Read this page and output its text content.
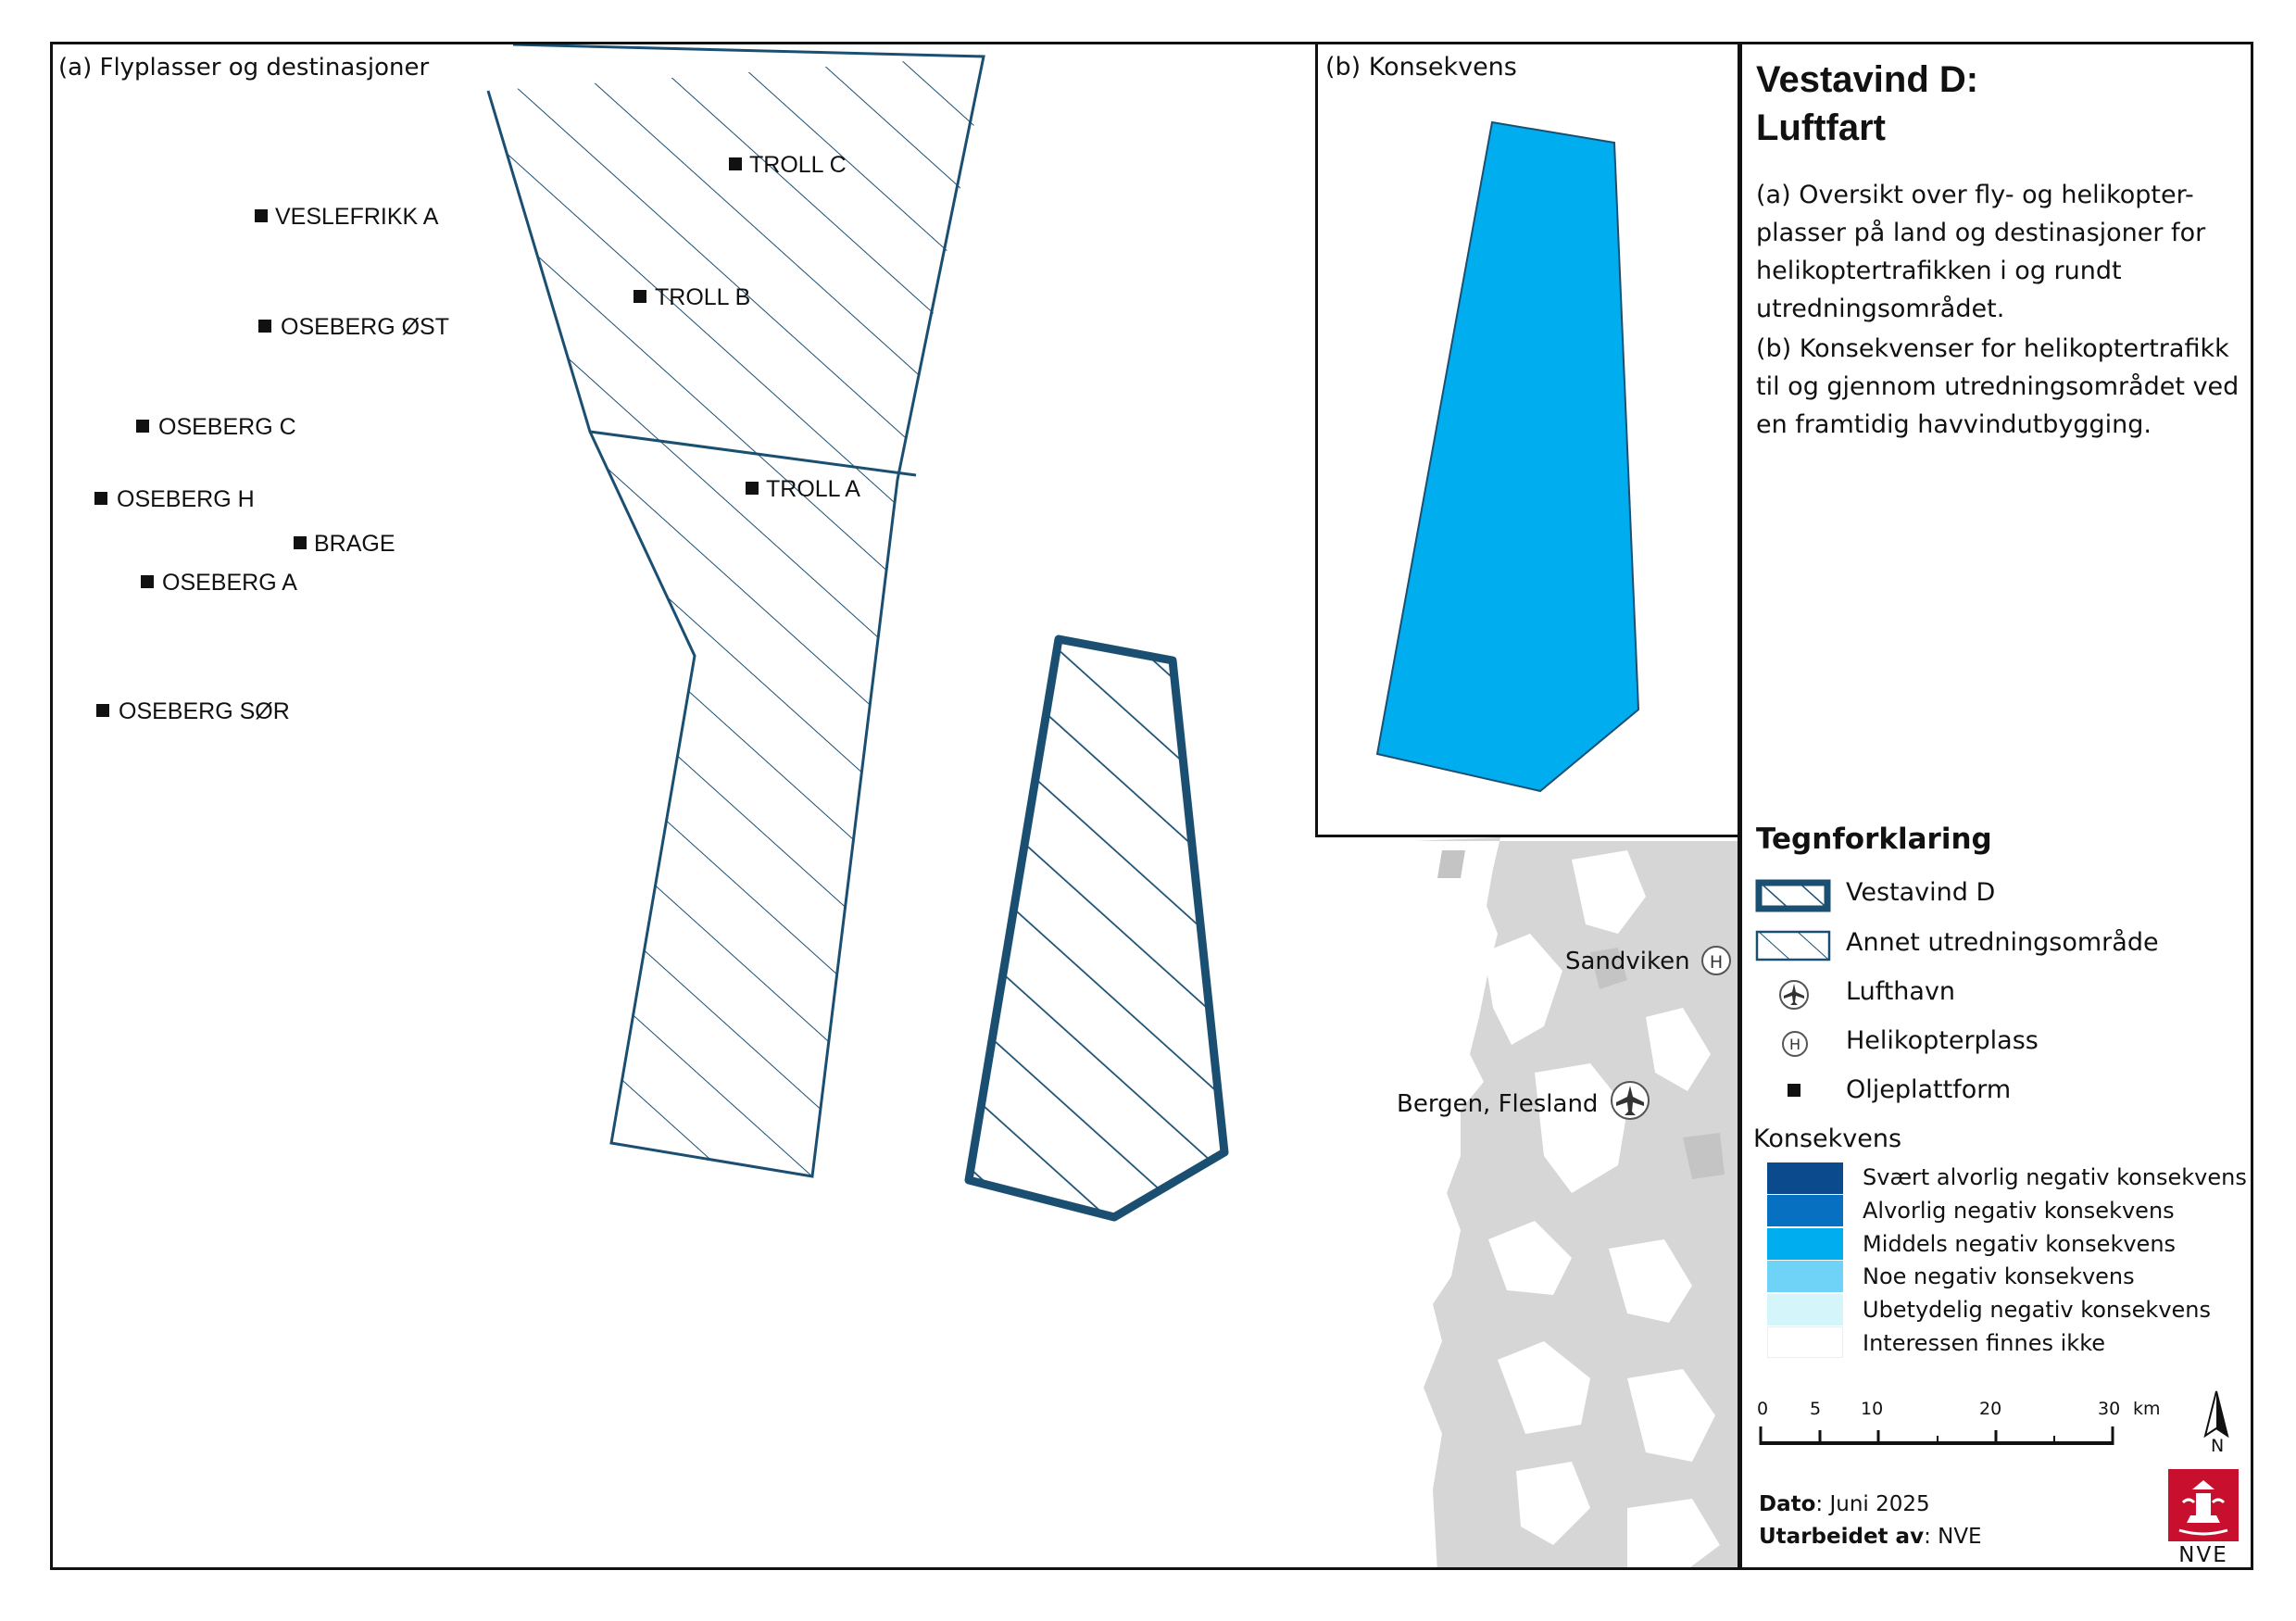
TROLL C
VESLEFRIKK A
TROLL B
OSEBERG ØST
OSEBERG C
TROLL A
OSEBERG H
BRAGE
OSEBERG A
OSEBERG SØR
Sandviken H
Bergen, Flesland
(a) Flyplasser og destinasjoner	(b) Konsekvens	Vestavind D:
Luftfart
(a) Oversikt over fly- og helikopter-
plasser på land og destinasjoner for
helikoptertrafikken i og rundt
utredningsområdet.
(b) Konsekvenser for helikoptertrafikk
til og gjennom utredningsområdet ved
en framtidig havvindutbygging.
Tegnforklaring
Vestavind D
Annet utredningsområde
Lufthavn
H Helikopterplass
Oljeplattform
Konsekvens
Svært alvorlig negativ konsekvens
Alvorlig negativ konsekvens
Middels negativ konsekvens
Noe negativ konsekvens
Ubetydelig negativ konsekvens
Interessen finnes ikke
0 5 10	20	30 km
N
Dato: Juni 2025
Utarbeidet av: NVE
NVE
